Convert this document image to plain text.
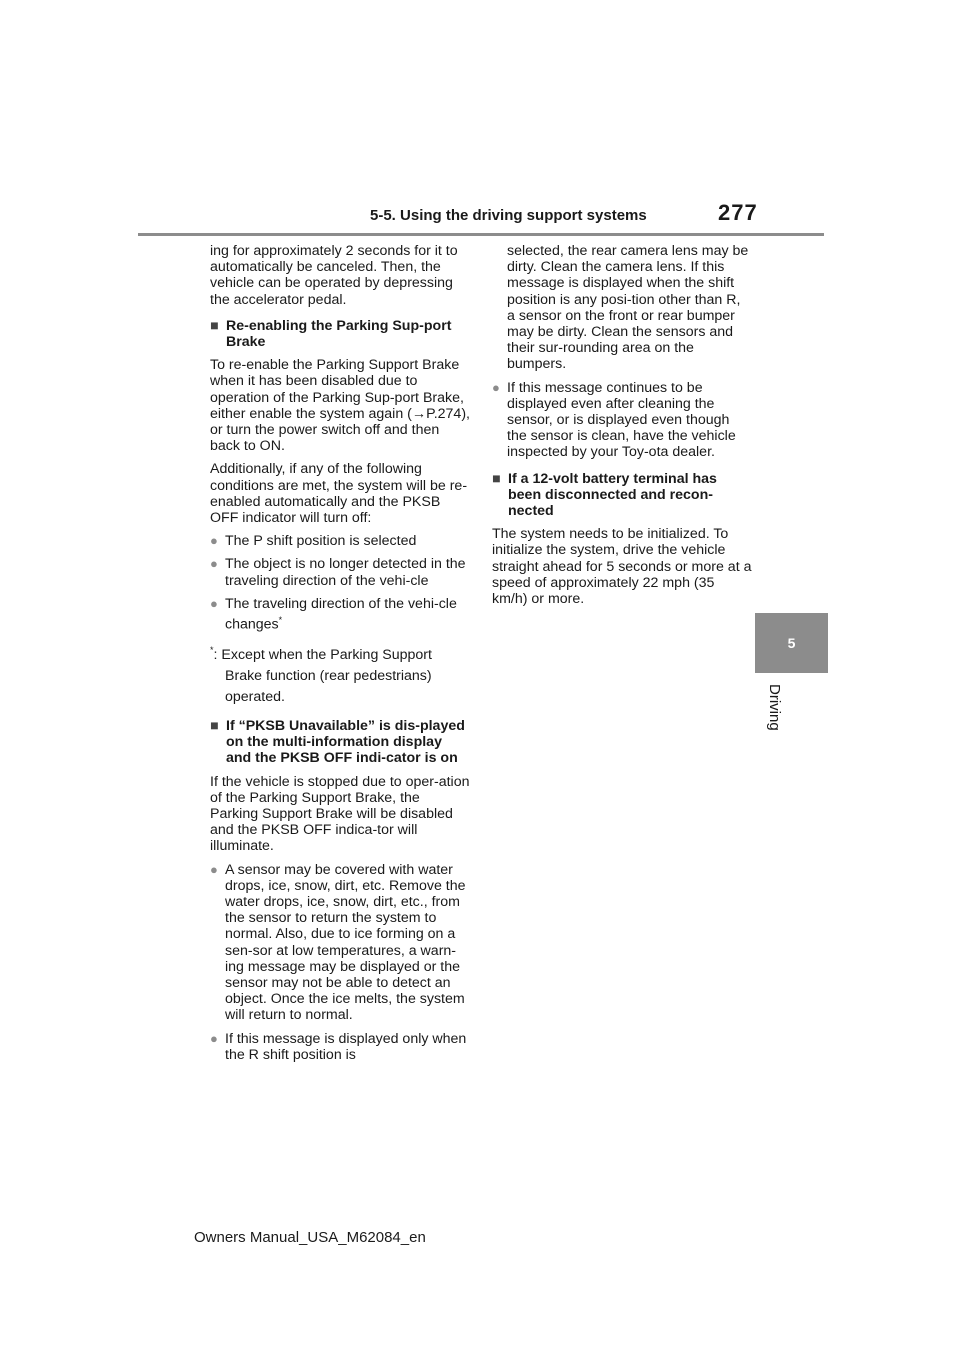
5-5. Using the driving support systems	277
5
Driving

ing for approximately 2 seconds for it to automatically be canceled. Then, the vehicle can be operated by depressing the accelerator pedal.

■ Re-enabling the Parking Sup-port Brake

To re-enable the Parking Support Brake when it has been disabled due to operation of the Parking Sup-port Brake, either enable the system again (→P.274), or turn the power switch off and then back to ON.

Additionally, if any of the following conditions are met, the system will be re-enabled automatically and the PKSB OFF indicator will turn off:

● The P shift position is selected
● The object is no longer detected in the traveling direction of the vehi-cle
● The traveling direction of the vehi-cle changes*

*: Except when the Parking Support Brake function (rear pedestrians) operated.

■ If “PKSB Unavailable” is dis-played on the multi-information display and the PKSB OFF indi-cator is on

If the vehicle is stopped due to oper-ation of the Parking Support Brake, the Parking Support Brake will be disabled and the PKSB OFF indica-tor will illuminate.

● A sensor may be covered with water drops, ice, snow, dirt, etc. Remove the water drops, ice, snow, dirt, etc., from the sensor to return the system to normal. Also, due to ice forming on a sen-sor at low temperatures, a warn-ing message may be displayed or the sensor may not be able to detect an object. Once the ice melts, the system will return to normal.
● If this message is displayed only when the R shift position is

selected, the rear camera lens may be dirty. Clean the camera lens. If this message is displayed when the shift position is any posi-tion other than R, a sensor on the front or rear bumper may be dirty. Clean the sensors and their sur-rounding area on the bumpers.

● If this message continues to be displayed even after cleaning the sensor, or is displayed even though the sensor is clean, have the vehicle inspected by your Toy-ota dealer.
■ If a 12-volt battery terminal has been disconnected and recon-nected

The system needs to be initialized. To initialize the system, drive the vehicle straight ahead for 5 seconds or more at a speed of approximately 22 mph (35 km/h) or more.

Owners Manual_USA_M62084_en
